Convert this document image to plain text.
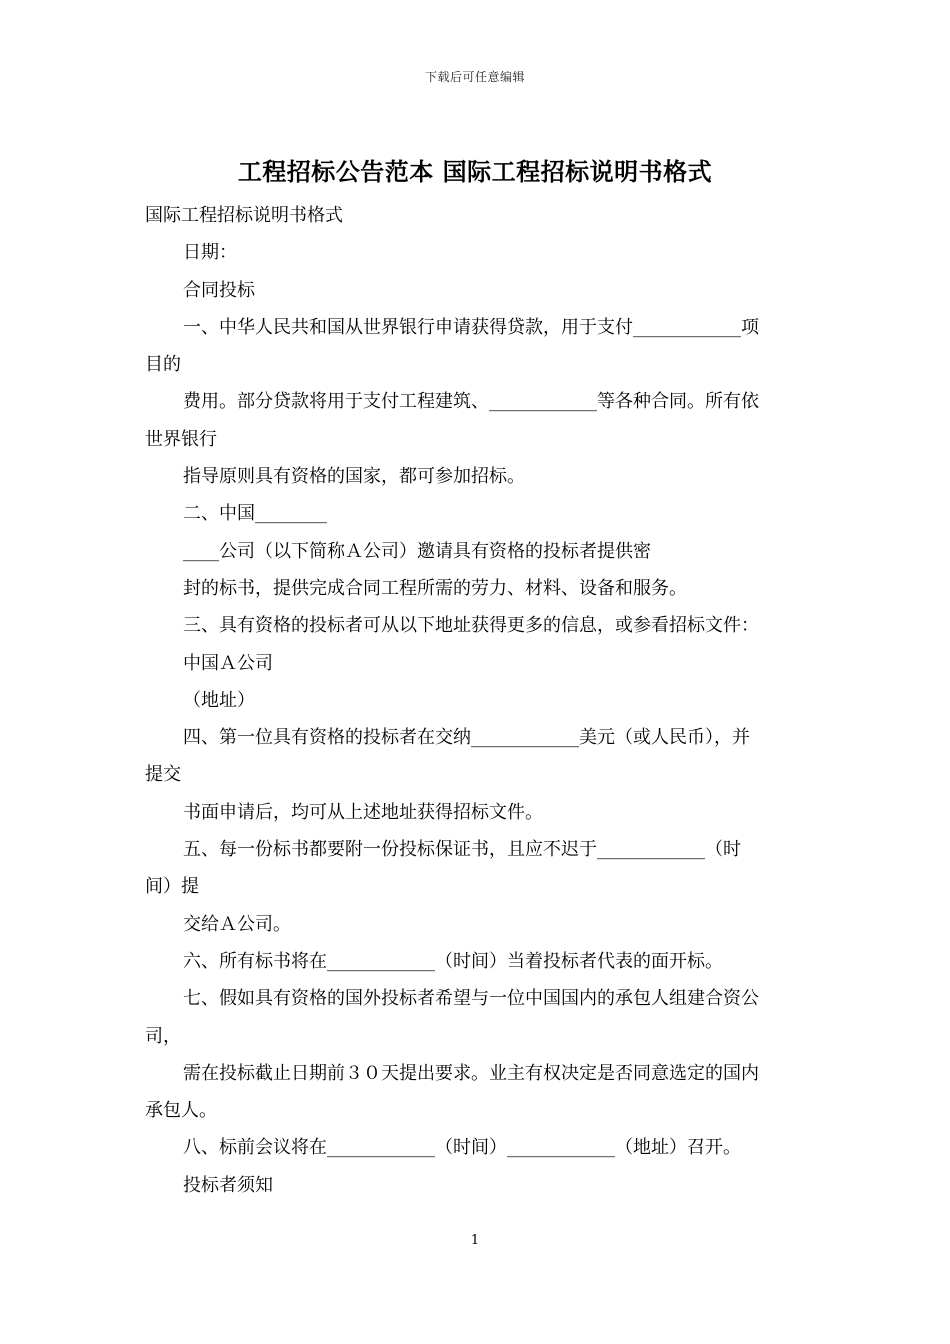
下载后可任意编辑
工程招标公告范本 国际工程招标说明书格式
国际工程招标说明书格式
日期：
合同投标
一、中华人民共和国从世界银行申请获得贷款，用于支付____________项
目的
费用。部分贷款将用于支付工程建筑、____________等各种合同。所有依
世界银行
指导原则具有资格的国家，都可参加招标。
二、中国________
____公司（以下简称Ａ公司）邀请具有资格的投标者提供密
封的标书，提供完成合同工程所需的劳力、材料、设备和服务。
三、具有资格的投标者可从以下地址获得更多的信息，或参看招标文件：
中国Ａ公司
（地址）
四、第一位具有资格的投标者在交纳____________美元（或人民币），并
提交
书面申请后，均可从上述地址获得招标文件。
五、每一份标书都要附一份投标保证书，且应不迟于____________（时
间）提
交给Ａ公司。
六、所有标书将在____________（时间）当着投标者代表的面开标。
七、假如具有资格的国外投标者希望与一位中国国内的承包人组建合资公
司，
需在投标截止日期前３０天提出要求。业主有权决定是否同意选定的国内
承包人。
八、标前会议将在____________（时间）____________（地址）召开。
投标者须知
1
